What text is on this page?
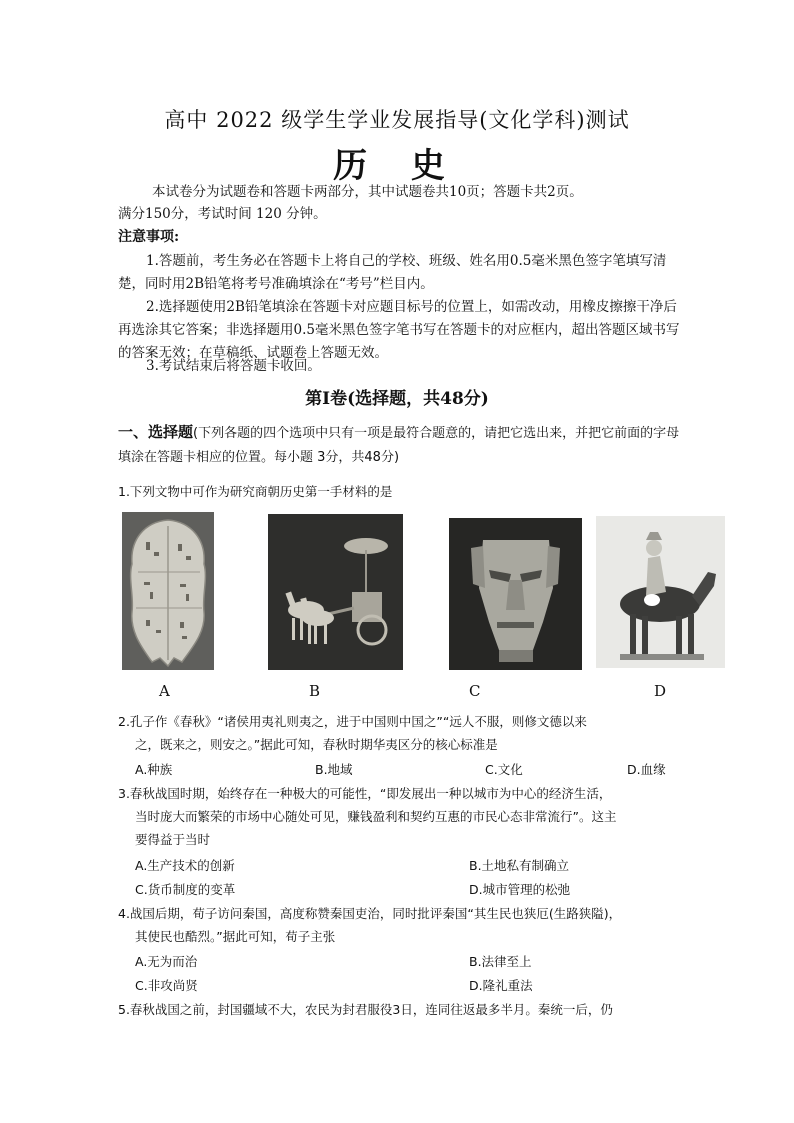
高中 2022 级学生学业发展指导(文化学科)测试
历 史
本试卷分为试题卷和答题卡两部分，其中试题卷共10页；答题卡共2页。
满分150分，考试时间 120 分钟。
注意事项:
1.答题前，考生务必在答题卡上将自己的学校、班级、姓名用0.5毫米黑色签字笔填写清楚，同时用2B铅笔将考号准确填涂在“考号”栏目内。
2.选择题使用2B铅笔填涂在答题卡对应题目标号的位置上，如需改动，用橡皮擦擦干净后再选涂其它答案；非选择题用0.5毫米黑色签字笔书写在答题卡的对应框内，超出答题区域书写的答案无效；在草稿纸、试题卷上答题无效。
3.考试结束后将答题卡收回。
第Ⅰ卷(选择题，共48分)
一、选择题(下列各题的四个选项中只有一项是最符合题意的，请把它选出来，并把它前面的字母填涂在答题卡相应的位置。每小题 3分，共48分)
1.下列文物中可作为研究商朝历史第一手材料的是
A	B	C	D
2.孔子作《春秋》“诸侯用夷礼则夷之，进于中国则中国之”“远人不服，则修文德以来
之，既来之，则安之。”据此可知，春秋时期华夷区分的核心标准是
A.种族	B.地域	C.文化	D.血缘
3.春秋战国时期，始终存在一种极大的可能性，“即发展出一种以城市为中心的经济生活，
当时庞大而繁荣的市场中心随处可见，赚钱盈利和契约互惠的市民心态非常流行”。这主
要得益于当时
A.生产技术的创新	B.土地私有制确立
C.货币制度的变革	D.城市管理的松弛
4.战国后期，荀子访问秦国，高度称赞秦国吏治，同时批评秦国“其生民也狭厄(生路狭隘)，
其使民也酷烈。”据此可知，荀子主张
A.无为而治	B.法律至上
C.非攻尚贤	D.隆礼重法
5.春秋战国之前，封国疆域不大，农民为封君服役3日，连同往返最多半月。秦统一后，仍
